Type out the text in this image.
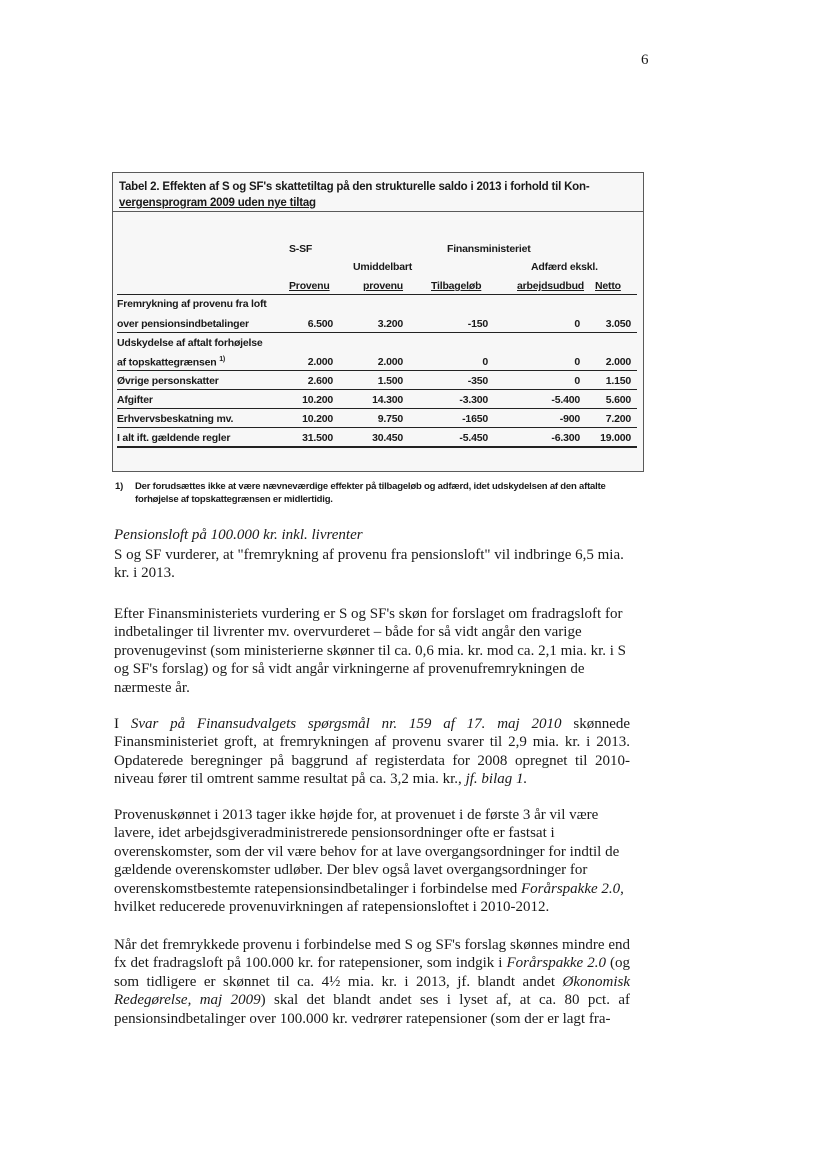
6
Tabel 2. Effekten af S og SF's skattetiltag på den strukturelle saldo i 2013 i forhold til Kon-
vergensprogram 2009 uden nye tiltag
S-SF	Finansministeriet
Umiddelbart	Adfærd ekskl.
Provenu	provenu	Tilbageløb	arbejdsudbud Netto
Fremrykning af provenu fra loft
over pensionsindbetalinger	6.500	3.200	-150	0	3.050
Udskydelse af aftalt forhøjelse
af topskattegrænsen $^{1)}$	2.000	2.000	0	0	2.000
Øvrige personskatter	2.600	1.500	-350	0	1.150
Afgifter	10.200	14.300	-3.300	-5.400	5.600
Erhvervsbeskatning mv.	10.200	9.750	-1650	-900	7.200
I alt ift. gældende regler	31.500	30.450	-5.450	-6.300	19.000
1) Der forudsættes ikke at være nævneværdige effekter på tilbageløb og adfærd, idet udskydelsen af den aftalte forhøjelse af topskattegrænsen er midlertidig.

Pensionsloft på 100.000 kr. inkl. livrenter

S og SF vurderer, at "fremrykning af provenu fra pensionsloft" vil indbringe 6,5 mia. kr. i 2013.

Efter Finansministeriets vurdering er S og SF's skøn for forslaget om fradragsloft for indbetalinger til livrenter mv. overvurderet – både for så vidt angår den varige provenugevinst (som ministerierne skønner til ca. 0,6 mia. kr. mod ca. 2,1 mia. kr. i S og SF's forslag) og for så vidt angår virkningerne af provenufremrykningen de nærmeste år.

I Svar på Finansudvalgets spørgsmål nr. 159 af 17. maj 2010 skønnede Finansministeriet groft, at fremrykningen af provenu svarer til 2,9 mia. kr. i 2013. Opdaterede beregninger på baggrund af registerdata for 2008 opregnet til 2010-niveau fører til omtrent samme resultat på ca. 3,2 mia. kr., jf. bilag 1.

Provenuskønnet i 2013 tager ikke højde for, at provenuet i de første 3 år vil være lavere, idet arbejdsgiveradministrerede pensionsordninger ofte er fastsat i overenskomster, som der vil være behov for at lave overgangsordninger for indtil de gældende overenskomster udløber. Der blev også lavet overgangsordninger for overenskomstbestemte ratepensionsindbetalinger i forbindelse med Forårspakke 2.0, hvilket reducerede provenuvirkningen af ratepensionsloftet i 2010-2012.

Når det fremrykkede provenu i forbindelse med S og SF's forslag skønnes mindre end fx det fradragsloft på 100.000 kr. for ratepensioner, som indgik i Forårspakke 2.0 (og som tidligere er skønnet til ca. 4½ mia. kr. i 2013, jf. blandt andet Økonomisk Redegørelse, maj 2009) skal det blandt andet ses i lyset af, at ca. 80 pct. af pensionsindbetalinger over 100.000 kr. vedrører ratepensioner (som der er lagt fra-
